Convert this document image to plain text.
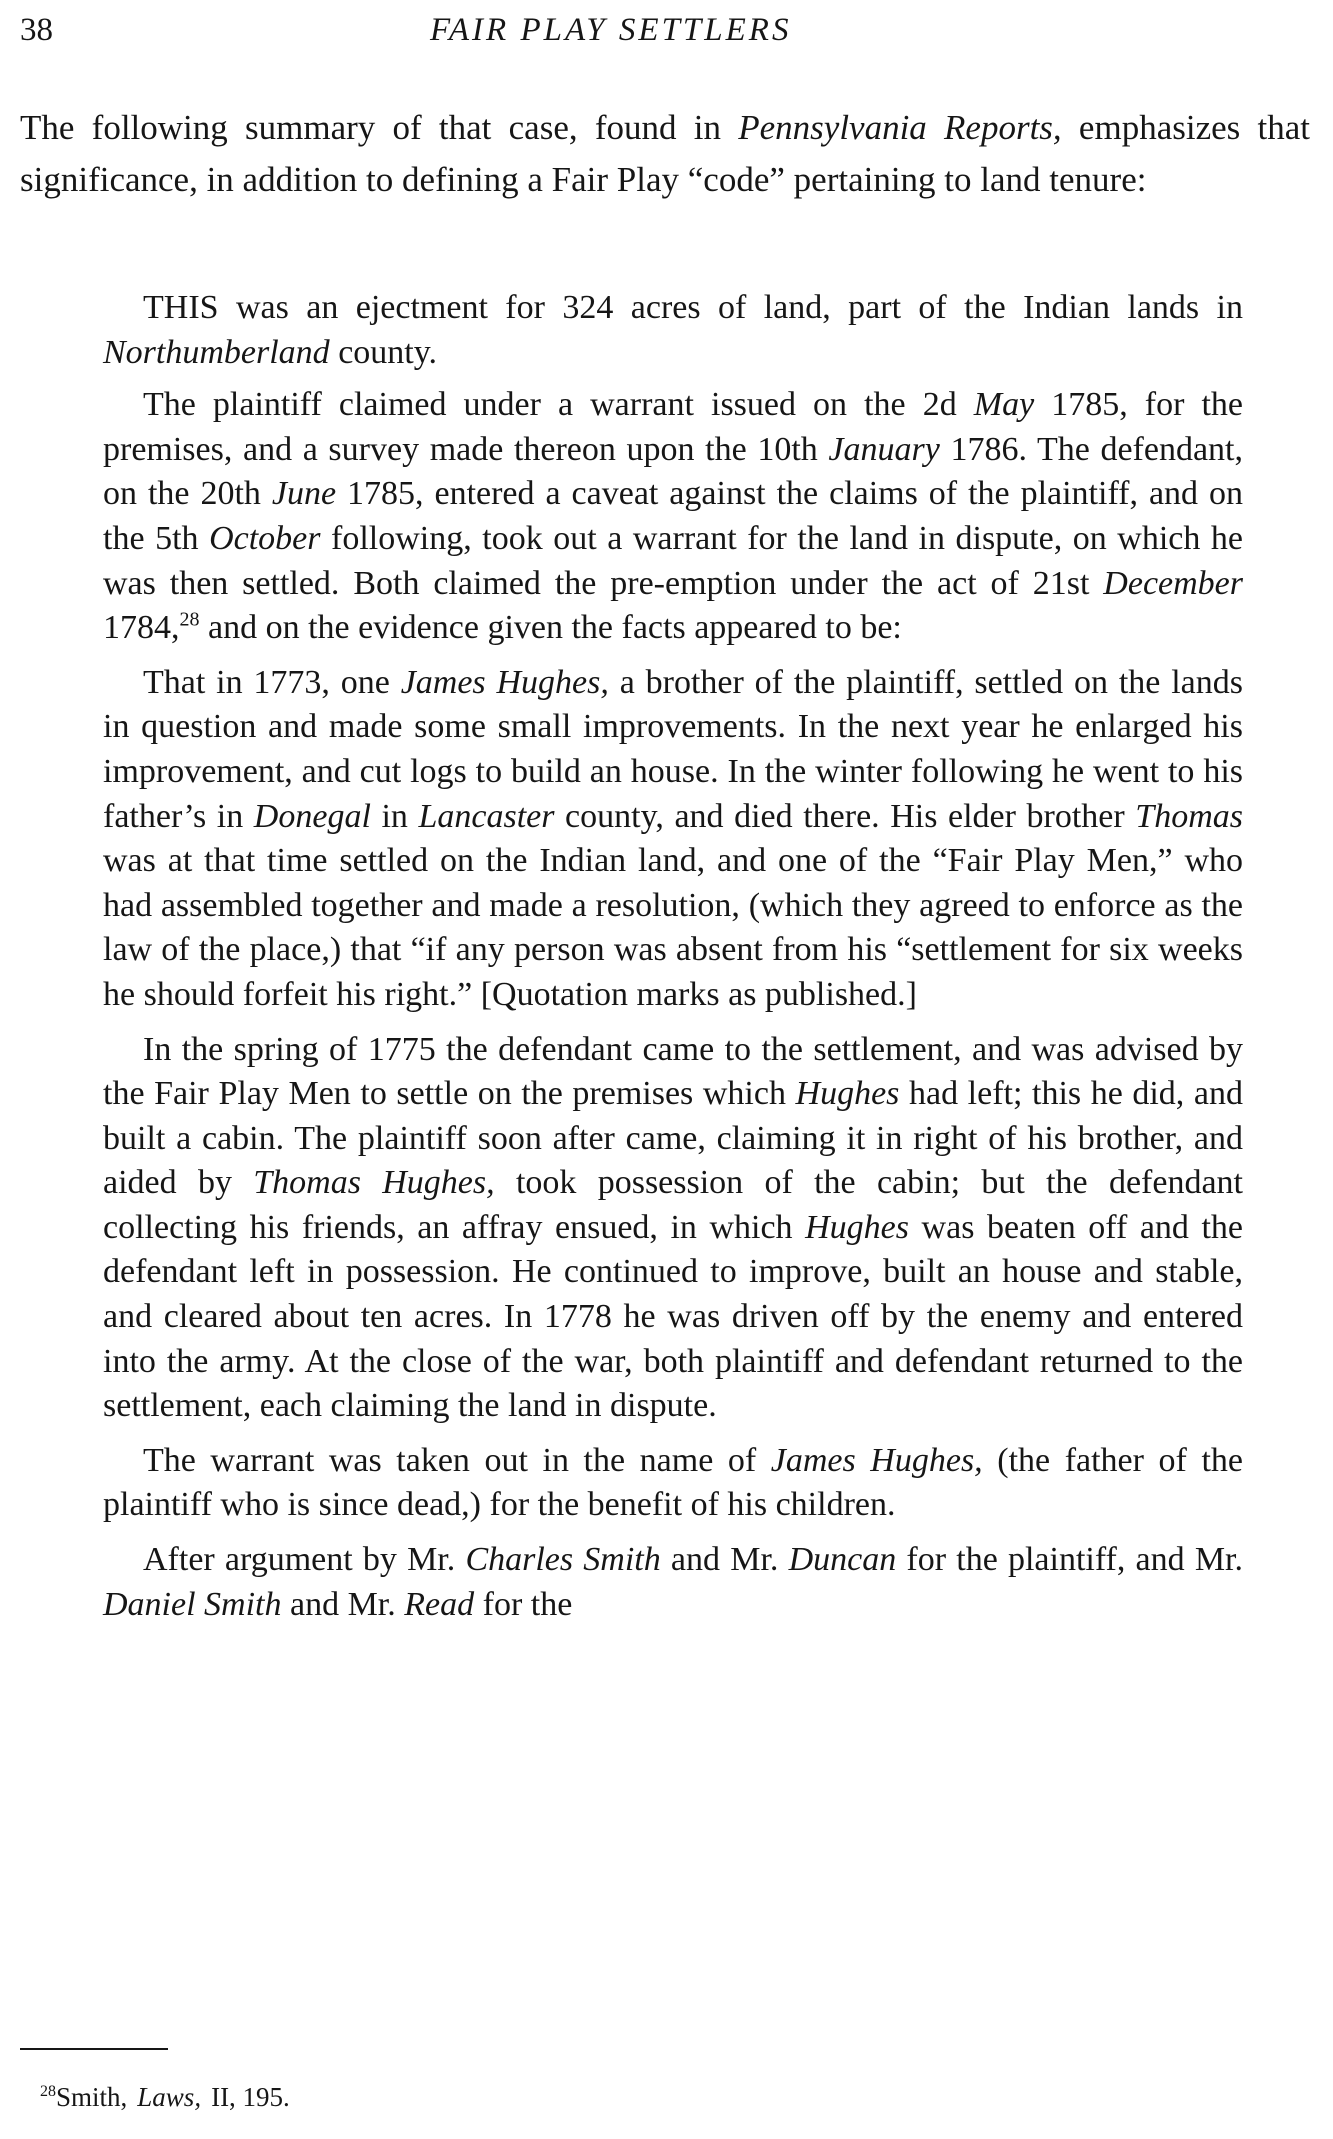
38	FAIR PLAY SETTLERS
The following summary of that case, found in Pennsylvania Reports, emphasizes that significance, in addition to defining a Fair Play “code” pertaining to land tenure:

THIS was an ejectment for 324 acres of land, part of the Indian lands in Northumberland county.

The plaintiff claimed under a warrant issued on the 2d May 1785, for the premises, and a survey made thereon upon the 10th January 1786. The defendant, on the 20th June 1785, entered a caveat against the claims of the plaintiff, and on the 5th October following, took out a warrant for the land in dispute, on which he was then settled. Both claimed the pre-emption under the act of 21st December 1784,28 and on the evidence given the facts appeared to be:

That in 1773, one James Hughes, a brother of the plaintiff, settled on the lands in question and made some small improvements. In the next year he enlarged his improvement, and cut logs to build an house. In the winter following he went to his father’s in Donegal in Lancaster county, and died there. His elder brother Thomas was at that time settled on the Indian land, and one of the “Fair Play Men,” who had assembled together and made a resolution, (which they agreed to enforce as the law of the place,) that “if any person was absent from his “settlement for six weeks he should forfeit his right.” [Quotation marks as published.]

In the spring of 1775 the defendant came to the settlement, and was advised by the Fair Play Men to settle on the premises which Hughes had left; this he did, and built a cabin. The plaintiff soon after came, claiming it in right of his brother, and aided by Thomas Hughes, took possession of the cabin; but the defendant collecting his friends, an affray ensued, in which Hughes was beaten off and the defendant left in possession. He continued to improve, built an house and stable, and cleared about ten acres. In 1778 he was driven off by the enemy and entered into the army. At the close of the war, both plaintiff and defendant returned to the settlement, each claiming the land in dispute.

The warrant was taken out in the name of James Hughes, (the father of the plaintiff who is since dead,) for the benefit of his children.

After argument by Mr. Charles Smith and Mr. Duncan for the plaintiff, and Mr. Daniel Smith and Mr. Read for the

$^{28}$Smith, Laws, II, 195.
